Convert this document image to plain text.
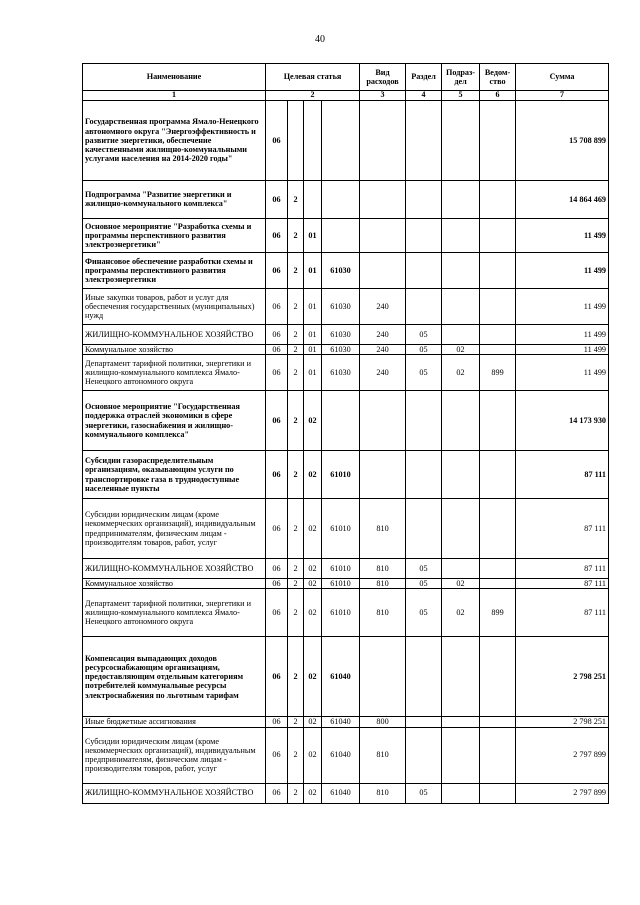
40
Наименование	Целевая статья				Вид расходов	Раздел	Подраз-дел	Ведом-ство	Сумма
1	2				3	4	5	6	7
Государственная программа Ямало-Ненецкого автономного округа "Энергоэффективность и развитие энергетики, обеспечение качественными жилищно-коммунальными услугами населения на 2014-2020 годы"	06								15 708 899
Подпрограмма "Развитие энергетики и жилищно-коммунального комплекса"	06	2							14 864 469
Основное мероприятие "Разработка схемы и программы перспективного развития электроэнергетики"	06	2	01						11 499
Финансовое обеспечение разработки схемы и программы перспективного развития электроэнергетики	06	2	01	61030					11 499
Иные закупки товаров, работ и услуг для обеспечения государственных (муниципальных) нужд	06	2	01	61030	240				11 499
ЖИЛИЩНО-КОММУНАЛЬНОЕ ХОЗЯЙСТВО	06	2	01	61030	240	05			11 499
Коммунальное хозяйство	06	2	01	61030	240	05	02		11 499
Департамент тарифной политики, энергетики и жилищно-коммунального комплекса Ямало-Ненецкого автономного округа	06	2	01	61030	240	05	02	899	11 499
Основное мероприятие "Государственная поддержка отраслей экономики в сфере энергетики, газоснабжения и жилищно-коммунального комплекса"	06	2	02						14 173 930
Субсидии газораспределительным организациям, оказывающим услуги по транспортировке газа в труднодоступные населенные пункты	06	2	02	61010					87 111
Субсидии юридическим лицам (кроме некоммерческих организаций), индивидуальным предпринимателям, физическим лицам - производителям товаров, работ, услуг	06	2	02	61010	810				87 111
ЖИЛИЩНО-КОММУНАЛЬНОЕ ХОЗЯЙСТВО	06	2	02	61010	810	05			87 111
Коммунальное хозяйство	06	2	02	61010	810	05	02		87 111
Департамент тарифной политики, энергетики и жилищно-коммунального комплекса Ямало-Ненецкого автономного округа	06	2	02	61010	810	05	02	899	87 111
Компенсация выпадающих доходов ресурсоснабжающим организациям, предоставляющим отдельным категориям потребителей коммунальные ресурсы электроснабжения по льготным тарифам	06	2	02	61040					2 798 251
Иные бюджетные ассигнования	06	2	02	61040	800				2 798 251
Субсидии юридическим лицам (кроме некоммерческих организаций), индивидуальным предпринимателям, физическим лицам - производителям товаров, работ, услуг	06	2	02	61040	810				2 797 899
ЖИЛИЩНО-КОММУНАЛЬНОЕ ХОЗЯЙСТВО	06	2	02	61040	810	05			2 797 899
